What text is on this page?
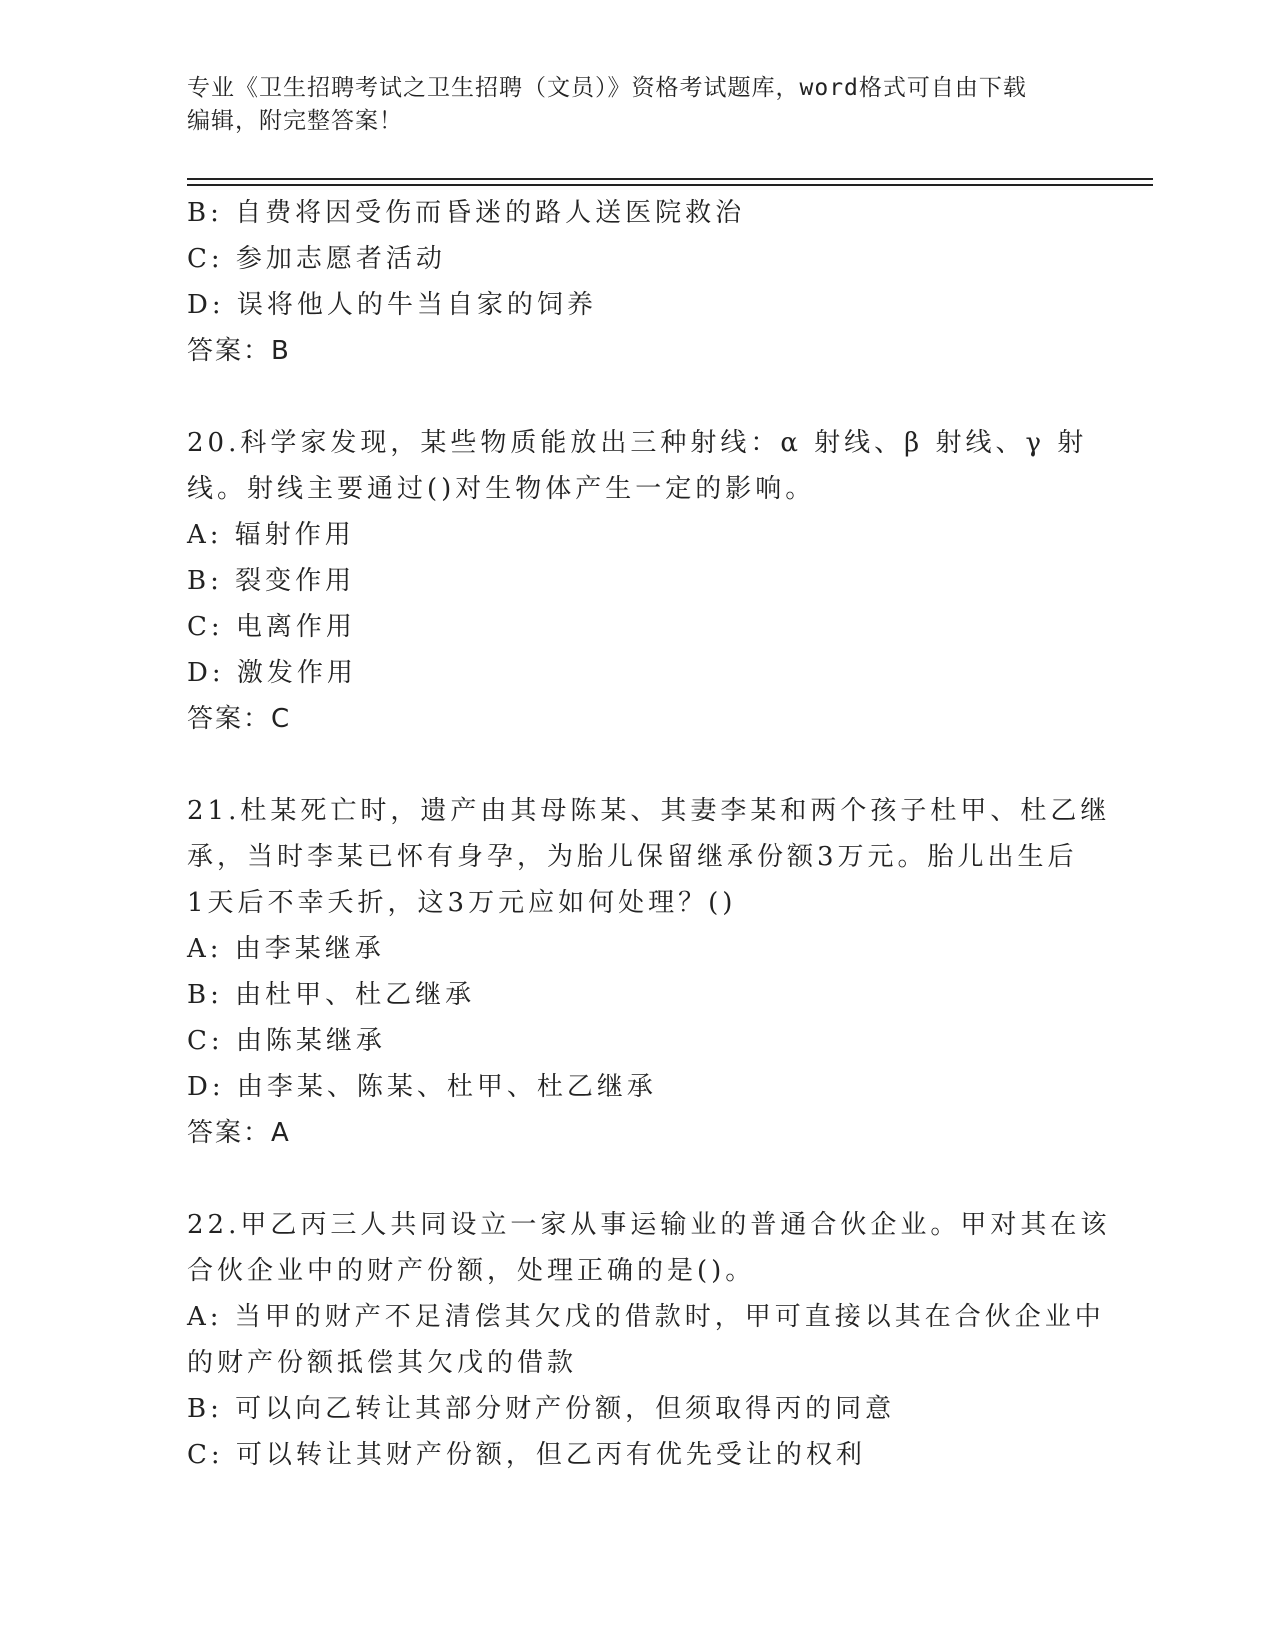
专业《卫生招聘考试之卫生招聘（文员）》资格考试题库，word格式可自由下载
编辑，附完整答案！
B: 自费将因受伤而昏迷的路人送医院救治
C: 参加志愿者活动
D: 误将他人的牛当自家的饲养
答案：B
20.科学家发现，某些物质能放出三种射线：α 射线、β 射线、γ 射
线。射线主要通过()对生物体产生一定的影响。
A: 辐射作用
B: 裂变作用
C: 电离作用
D: 激发作用
答案：C
21.杜某死亡时，遗产由其母陈某、其妻李某和两个孩子杜甲、杜乙继
承，当时李某已怀有身孕，为胎儿保留继承份额3万元。胎儿出生后
1天后不幸夭折，这3万元应如何处理？()
A: 由李某继承
B: 由杜甲、杜乙继承
C: 由陈某继承
D: 由李某、陈某、杜甲、杜乙继承
答案：A
22.甲乙丙三人共同设立一家从事运输业的普通合伙企业。甲对其在该
合伙企业中的财产份额，处理正确的是()。
A: 当甲的财产不足清偿其欠戊的借款时，甲可直接以其在合伙企业中
的财产份额抵偿其欠戊的借款
B: 可以向乙转让其部分财产份额，但须取得丙的同意
C: 可以转让其财产份额，但乙丙有优先受让的权利
